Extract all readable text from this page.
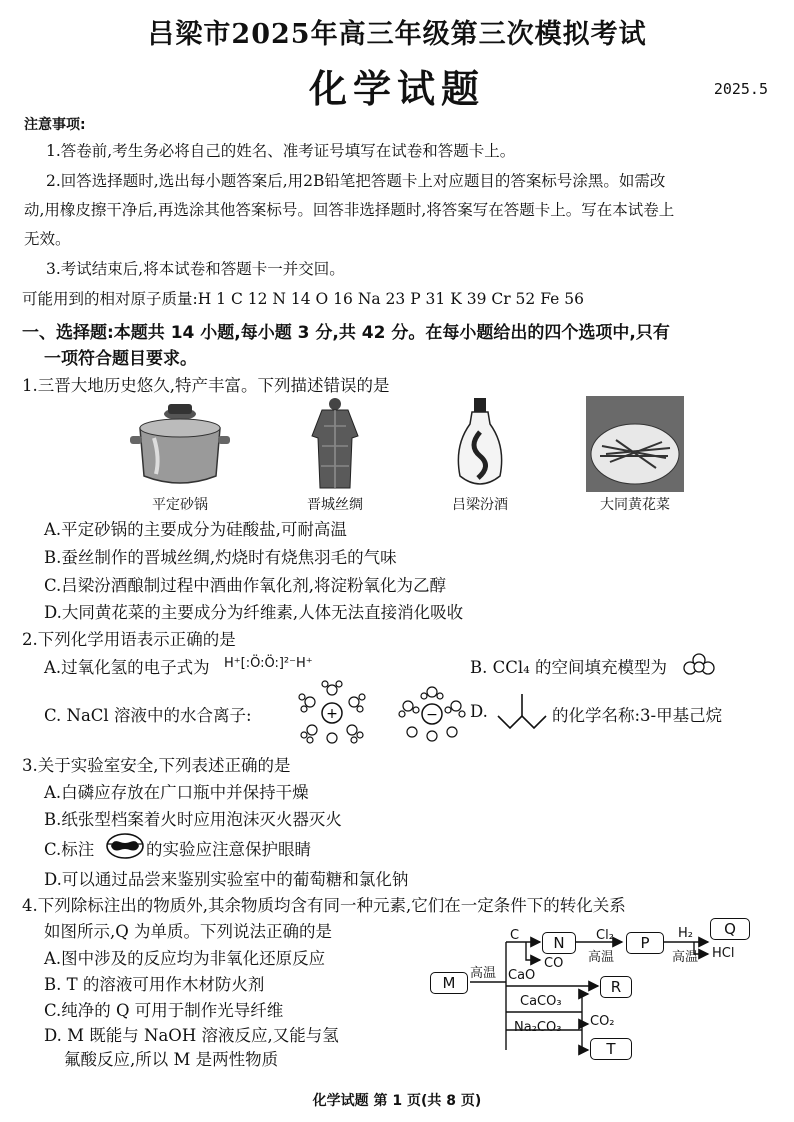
吕梁市2025年高三年级第三次模拟考试
化学试题	2025.5
注意事项:
1.答卷前,考生务必将自己的姓名、准考证号填写在试卷和答题卡上。
2.回答选择题时,选出每小题答案后,用2B铅笔把答题卡上对应题目的答案标号涂黑。如需改
动,用橡皮擦干净后,再选涂其他答案标号。回答非选择题时,将答案写在答题卡上。写在本试卷上
无效。
3.考试结束后,将本试卷和答题卡一并交回。
可能用到的相对原子质量:H 1 C 12 N 14 O 16 Na 23 P 31 K 39 Cr 52 Fe 56
一、选择题:本题共 14 小题,每小题 3 分,共 42 分。在每小题给出的四个选项中,只有
一项符合题目要求。
1.三晋大地历史悠久,特产丰富。下列描述错误的是
平定砂锅	晋城丝绸	吕梁汾酒	大同黄花菜
A.平定砂锅的主要成分为硅酸盐,可耐高温
B.蚕丝制作的晋城丝绸,灼烧时有烧焦羽毛的气味
C.吕梁汾酒酿制过程中酒曲作氧化剂,将淀粉氧化为乙醇
D.大同黄花菜的主要成分为纤维素,人体无法直接消化吸收
2.下列化学用语表示正确的是
A.过氧化氢的电子式为 H⁺[:Ö:Ö:]²⁻H⁺	B. CCl₄ 的空间填充模型为
C. NaCl 溶液中的水合离子:	+	− D.	的化学名称:3-甲基己烷
3.关于实验室安全,下列表述正确的是
A.白磷应存放在广口瓶中并保持干燥
B.纸张型档案着火时应用泡沫灭火器灭火
C.标注	的实验应注意保护眼睛
D.可以通过品尝来鉴别实验室中的葡萄糖和氯化钠
4.下列除标注出的物质外,其余物质均含有同一种元素,它们在一定条件下的转化关系
如图所示,Q 为单质。下列说法正确的是
A.图中涉及的反应均为非氧化还原反应
B. T 的溶液可用作木材防火剂
C.纯净的 Q 可用于制作光导纤维
D. M 既能与 NaOH 溶液反应,又能与氢
氟酸反应,所以 M 是两性物质
M
高温
C	N
CO
Cl₂
高温
P
H₂
高温
Q
HCl
CaO
R
CaCO₃
CO₂
Na₂CO₃
T
化学试题 第 1 页(共 8 页)
